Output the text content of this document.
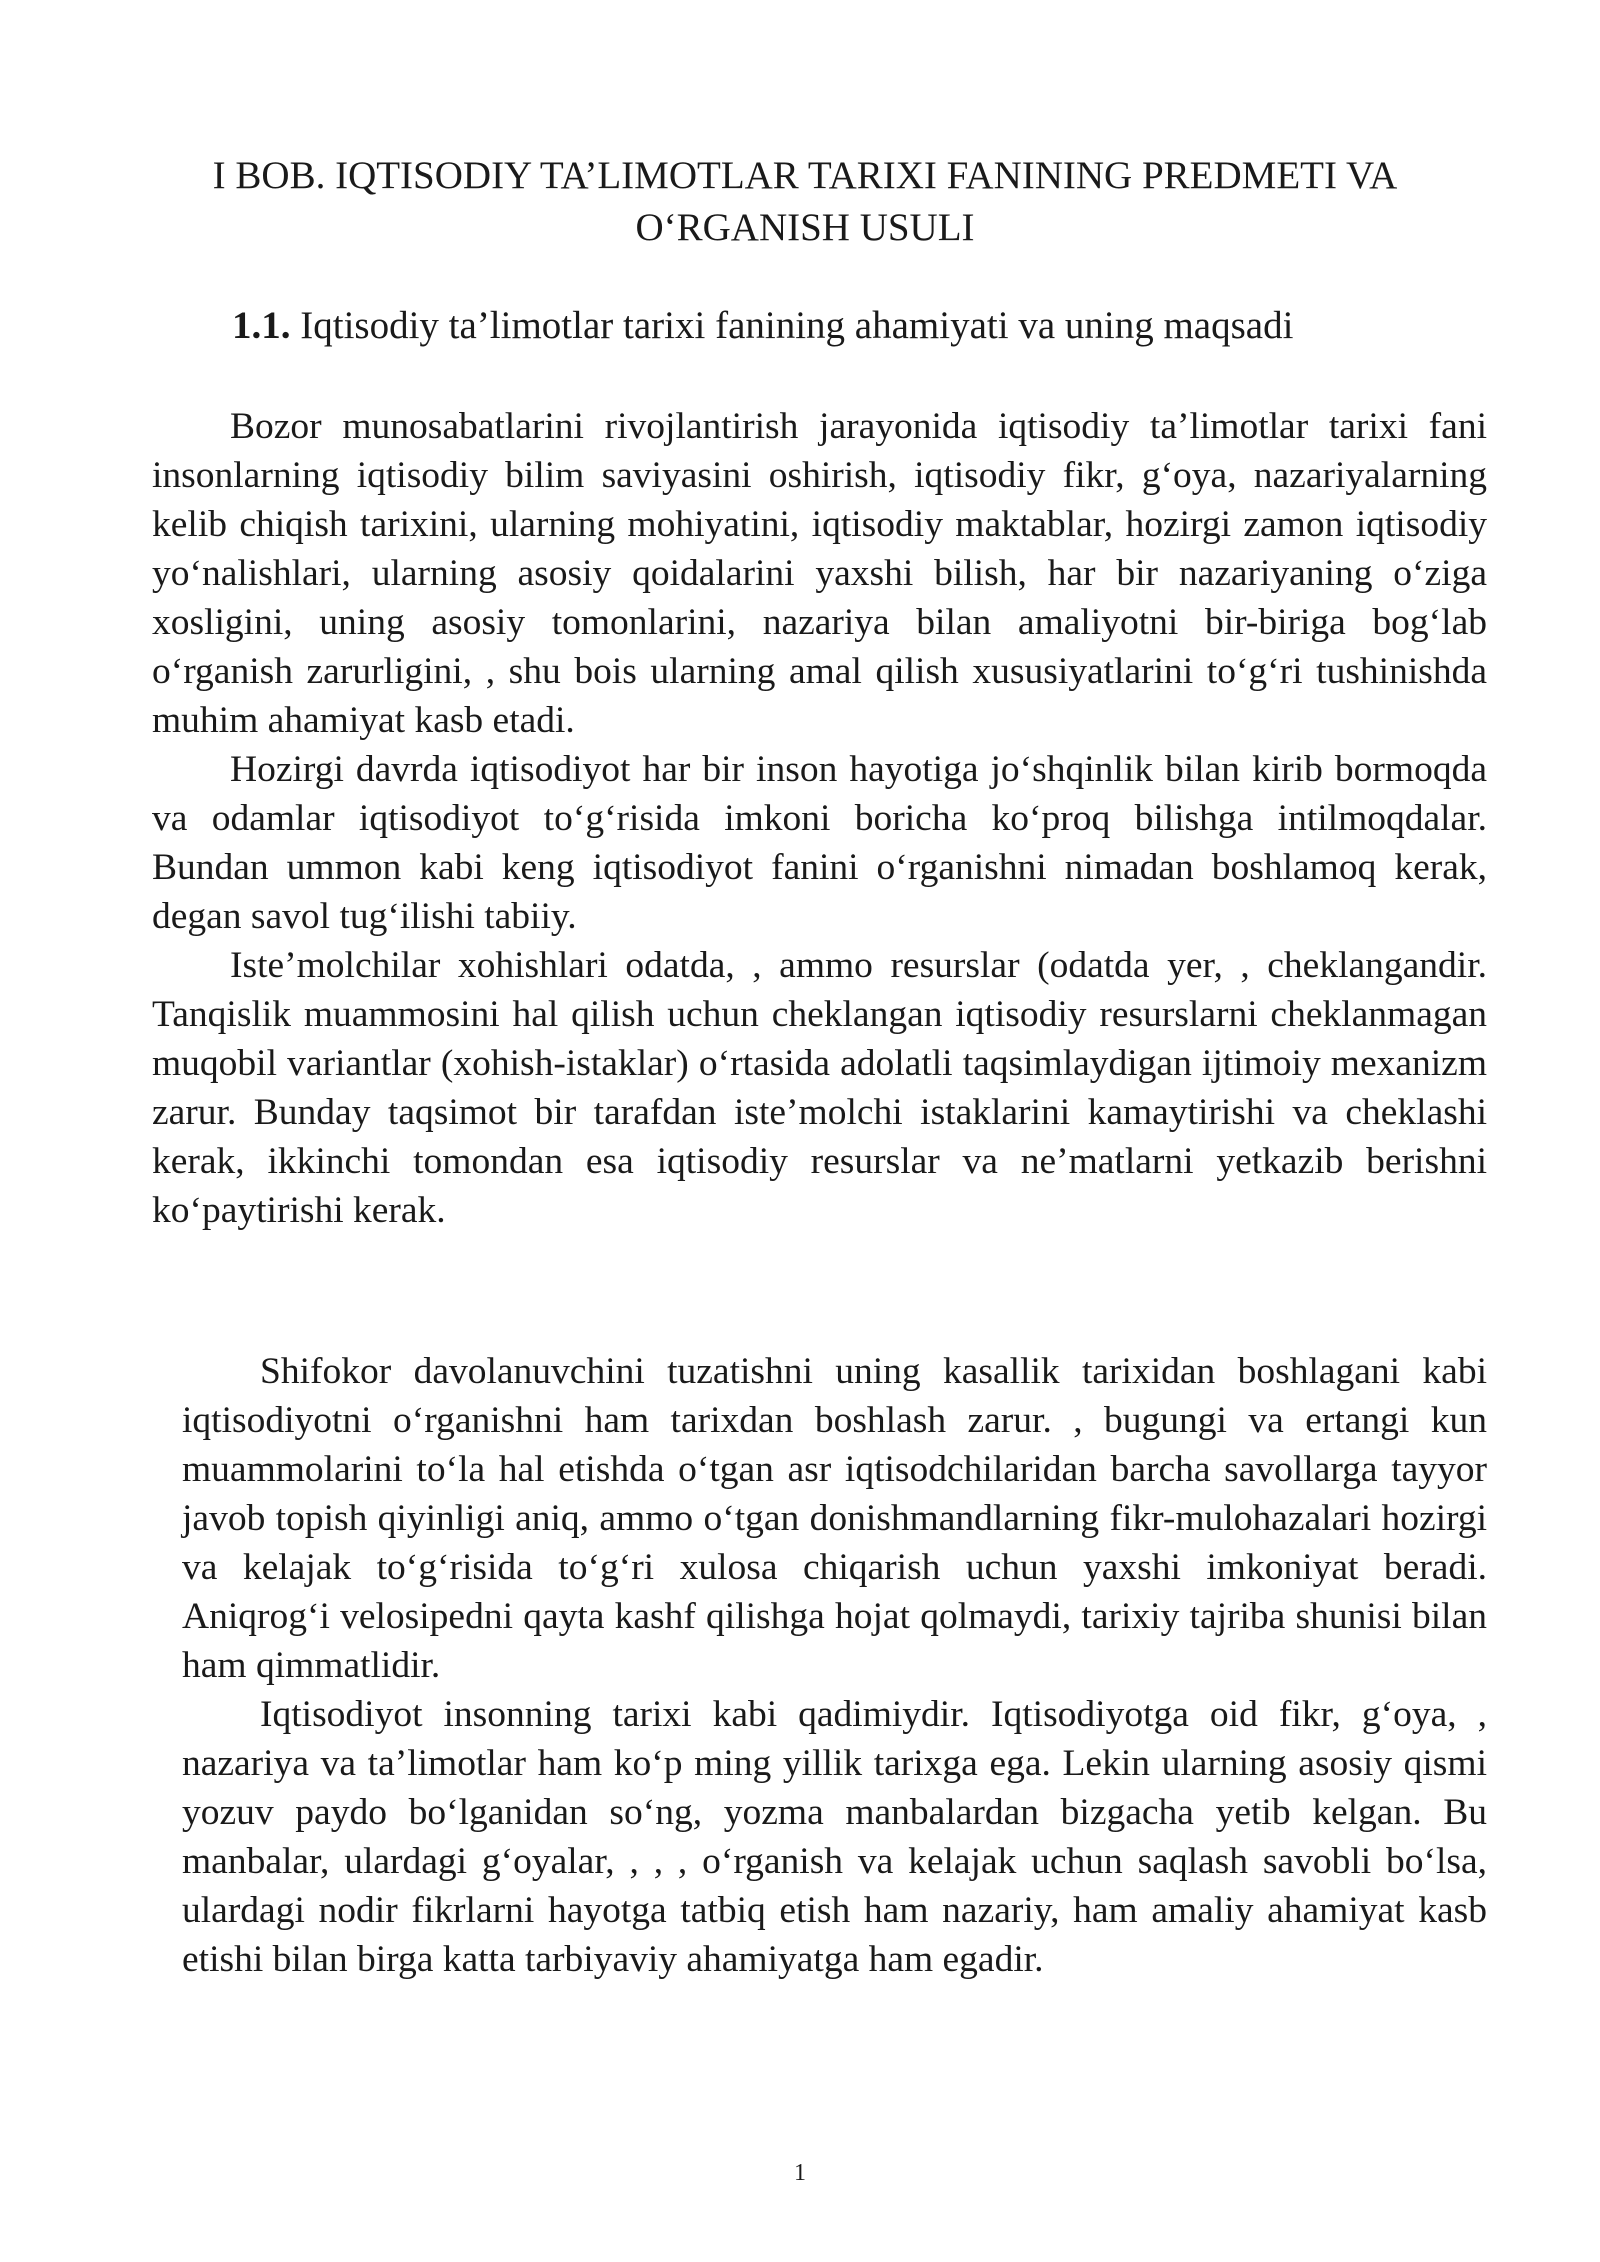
I BOB. IQTISODIY TA’LIMOTLAR TARIXI FANINING PREDMETI VA O‘RGANISH USULI
1.1. Iqtisodiy ta’limotlar tarixi fanining ahamiyati va uning maqsadi

Bozor munosabatlarini rivojlantirish jarayonida iqtisodiy ta’limotlar tarixi fani insonlarning iqtisodiy bilim saviyasini oshirish, iqtisodiy fikr, g‘oya, nazariyalarning kelib chiqish tarixini, ularning mohiyatini, iqtisodiy maktablar, hozirgi zamon iqtisodiy yo‘nalishlari, ularning asosiy qoidalarini yaxshi bilish, har bir nazariyaning o‘ziga xosligini, uning asosiy tomonlarini, nazariya bilan amaliyotni bir-biriga bog‘lab o‘rganish zarurligini, , shu bois ularning amal qilish xususiyatlarini to‘g‘ri tushinishda muhim ahamiyat kasb etadi.

Hozirgi davrda iqtisodiyot har bir inson hayotiga jo‘shqinlik bilan kirib bormoqda va odamlar iqtisodiyot to‘g‘risida imkoni boricha ko‘proq bilishga intilmoqdalar. Bundan ummon kabi keng iqtisodiyot fanini o‘rganishni nimadan boshlamoq kerak, degan savol tug‘ilishi tabiiy.

Iste’molchilar xohishlari odatda, , ammo resurslar (odatda yer, , cheklangandir. Tanqislik muammosini hal qilish uchun cheklangan iqtisodiy resurslarni cheklanmagan muqobil variantlar (xohish-istaklar) o‘rtasida adolatli taqsimlaydigan ijtimoiy mexanizm zarur. Bunday taqsimot bir tarafdan iste’molchi istaklarini kamaytirishi va cheklashi kerak, ikkinchi tomondan esa iqtisodiy resurslar va ne’matlarni yetkazib berishni ko‘paytirishi kerak.

Shifokor davolanuvchini tuzatishni uning kasallik tarixidan boshlagani kabi iqtisodiyotni o‘rganishni ham tarixdan boshlash zarur. , bugungi va ertangi kun muammolarini to‘la hal etishda o‘tgan asr iqtisodchilaridan barcha savollarga tayyor javob topish qiyinligi aniq, ammo o‘tgan donishmandlarning fikr-mulohazalari hozirgi va kelajak to‘g‘risida to‘g‘ri xulosa chiqarish uchun yaxshi imkoniyat beradi. Aniqrog‘i velosipedni qayta kashf qilishga hojat qolmaydi, tarixiy tajriba shunisi bilan ham qimmatlidir.

Iqtisodiyot insonning tarixi kabi qadimiydir. Iqtisodiyotga oid fikr, g‘oya, , nazariya va ta’limotlar ham ko‘p ming yillik tarixga ega. Lekin ularning asosiy qismi yozuv paydo bo‘lganidan so‘ng, yozma manbalardan bizgacha yetib kelgan. Bu manbalar, ulardagi g‘oyalar, , , , o‘rganish va kelajak uchun saqlash savobli bo‘lsa, ulardagi nodir fikrlarni hayotga tatbiq etish ham nazariy, ham amaliy ahamiyat kasb etishi bilan birga katta tarbiyaviy ahamiyatga ham egadir.

1
